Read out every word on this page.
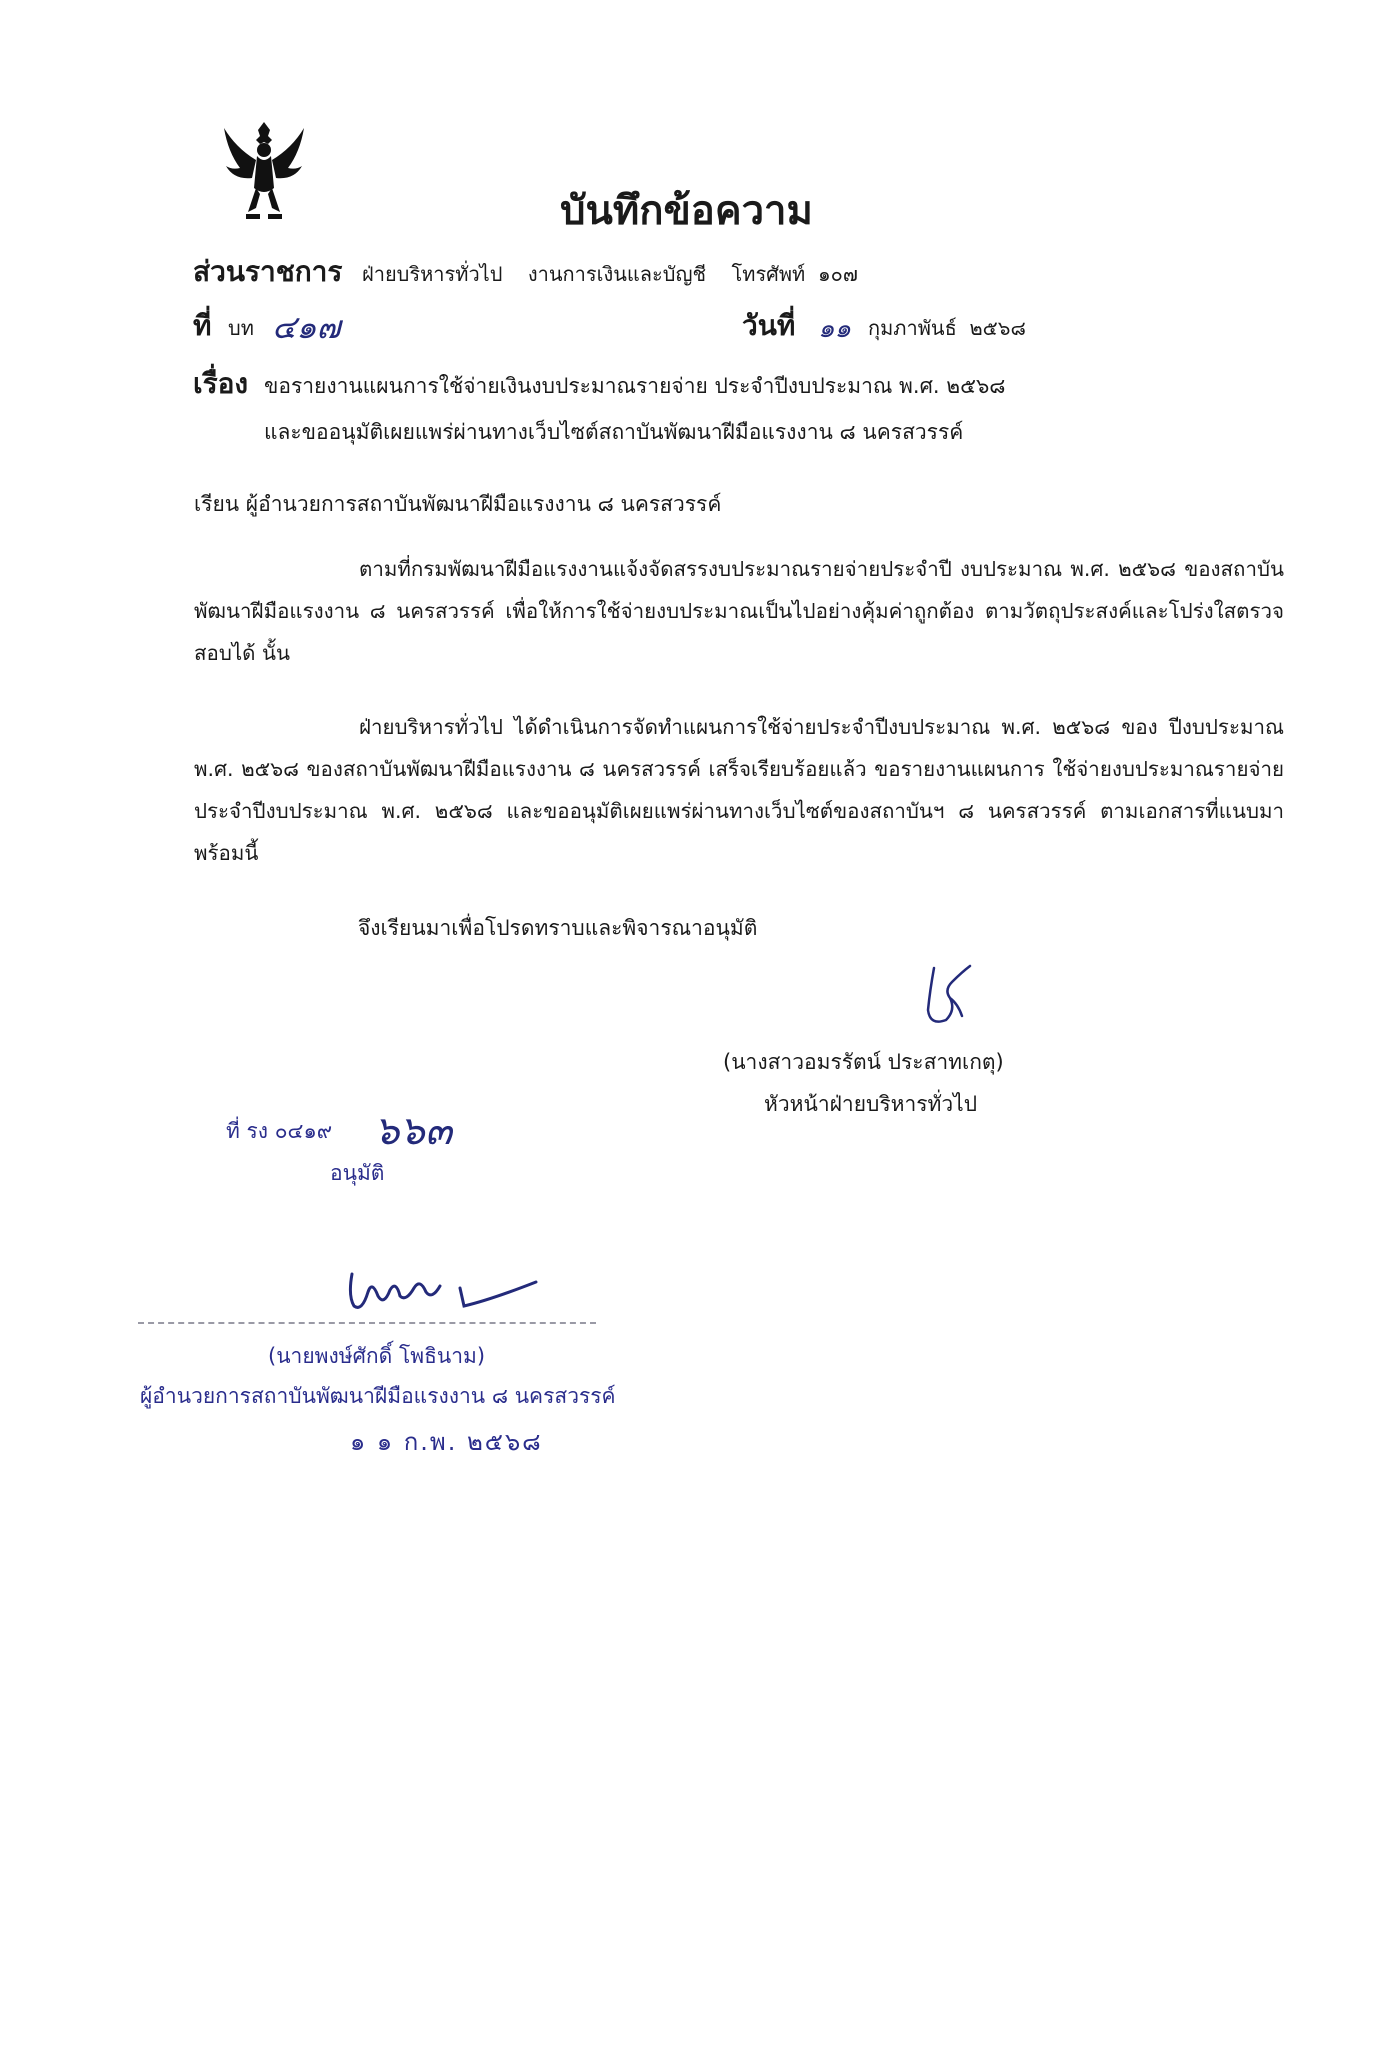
บันทึกข้อความ
ส่วนราชการ ฝ่ายบริหารทั่วไป    งานการเงินและบัญชี    โทรศัพท์  ๑๐๗
ที่ บท ๔๑๗	วันที่ ๑๑ กุมภาพันธ์  ๒๕๖๘
เรื่อง ขอรายงานแผนการใช้จ่ายเงินงบประมาณรายจ่าย ประจำปีงบประมาณ พ.ศ. ๒๕๖๘
และขออนุมัติเผยแพร่ผ่านทางเว็บไซต์สถาบันพัฒนาฝีมือแรงงาน ๘ นครสวรรค์
เรียน ผู้อำนวยการสถาบันพัฒนาฝีมือแรงงาน ๘ นครสวรรค์
ตามที่กรมพัฒนาฝีมือแรงงานแจ้งจัดสรรงบประมาณรายจ่ายประจำปี งบประมาณ พ.ศ. ๒๕๖๘ ของสถาบันพัฒนาฝีมือแรงงาน ๘ นครสวรรค์ เพื่อให้การใช้จ่ายงบประมาณเป็นไปอย่างคุ้มค่าถูกต้อง ตามวัตถุประสงค์และโปร่งใสตรวจสอบได้ นั้น
ฝ่ายบริหารทั่วไป ได้ดำเนินการจัดทำแผนการใช้จ่ายประจำปีงบประมาณ พ.ศ. ๒๕๖๘ ของ ปีงบประมาณ พ.ศ. ๒๕๖๘ ของสถาบันพัฒนาฝีมือแรงงาน ๘ นครสวรรค์ เสร็จเรียบร้อยแล้ว ขอรายงานแผนการ ใช้จ่ายงบประมาณรายจ่ายประจำปีงบประมาณ พ.ศ. ๒๕๖๘ และขออนุมัติเผยแพร่ผ่านทางเว็บไซต์ของสถาบันฯ ๘ นครสวรรค์ ตามเอกสารที่แนบมาพร้อมนี้
จึงเรียนมาเพื่อโปรดทราบและพิจารณาอนุมัติ
(นางสาวอมรรัตน์ ประสาทเกตุ)
หัวหน้าฝ่ายบริหารทั่วไป
ที่ รง ๐๔๑๙ ๖๖๓
อนุมัติ
(นายพงษ์ศักดิ์ โพธินาม)
ผู้อำนวยการสถาบันพัฒนาฝีมือแรงงาน ๘ นครสวรรค์
๑ ๑ ก.พ. ๒๕๖๘
